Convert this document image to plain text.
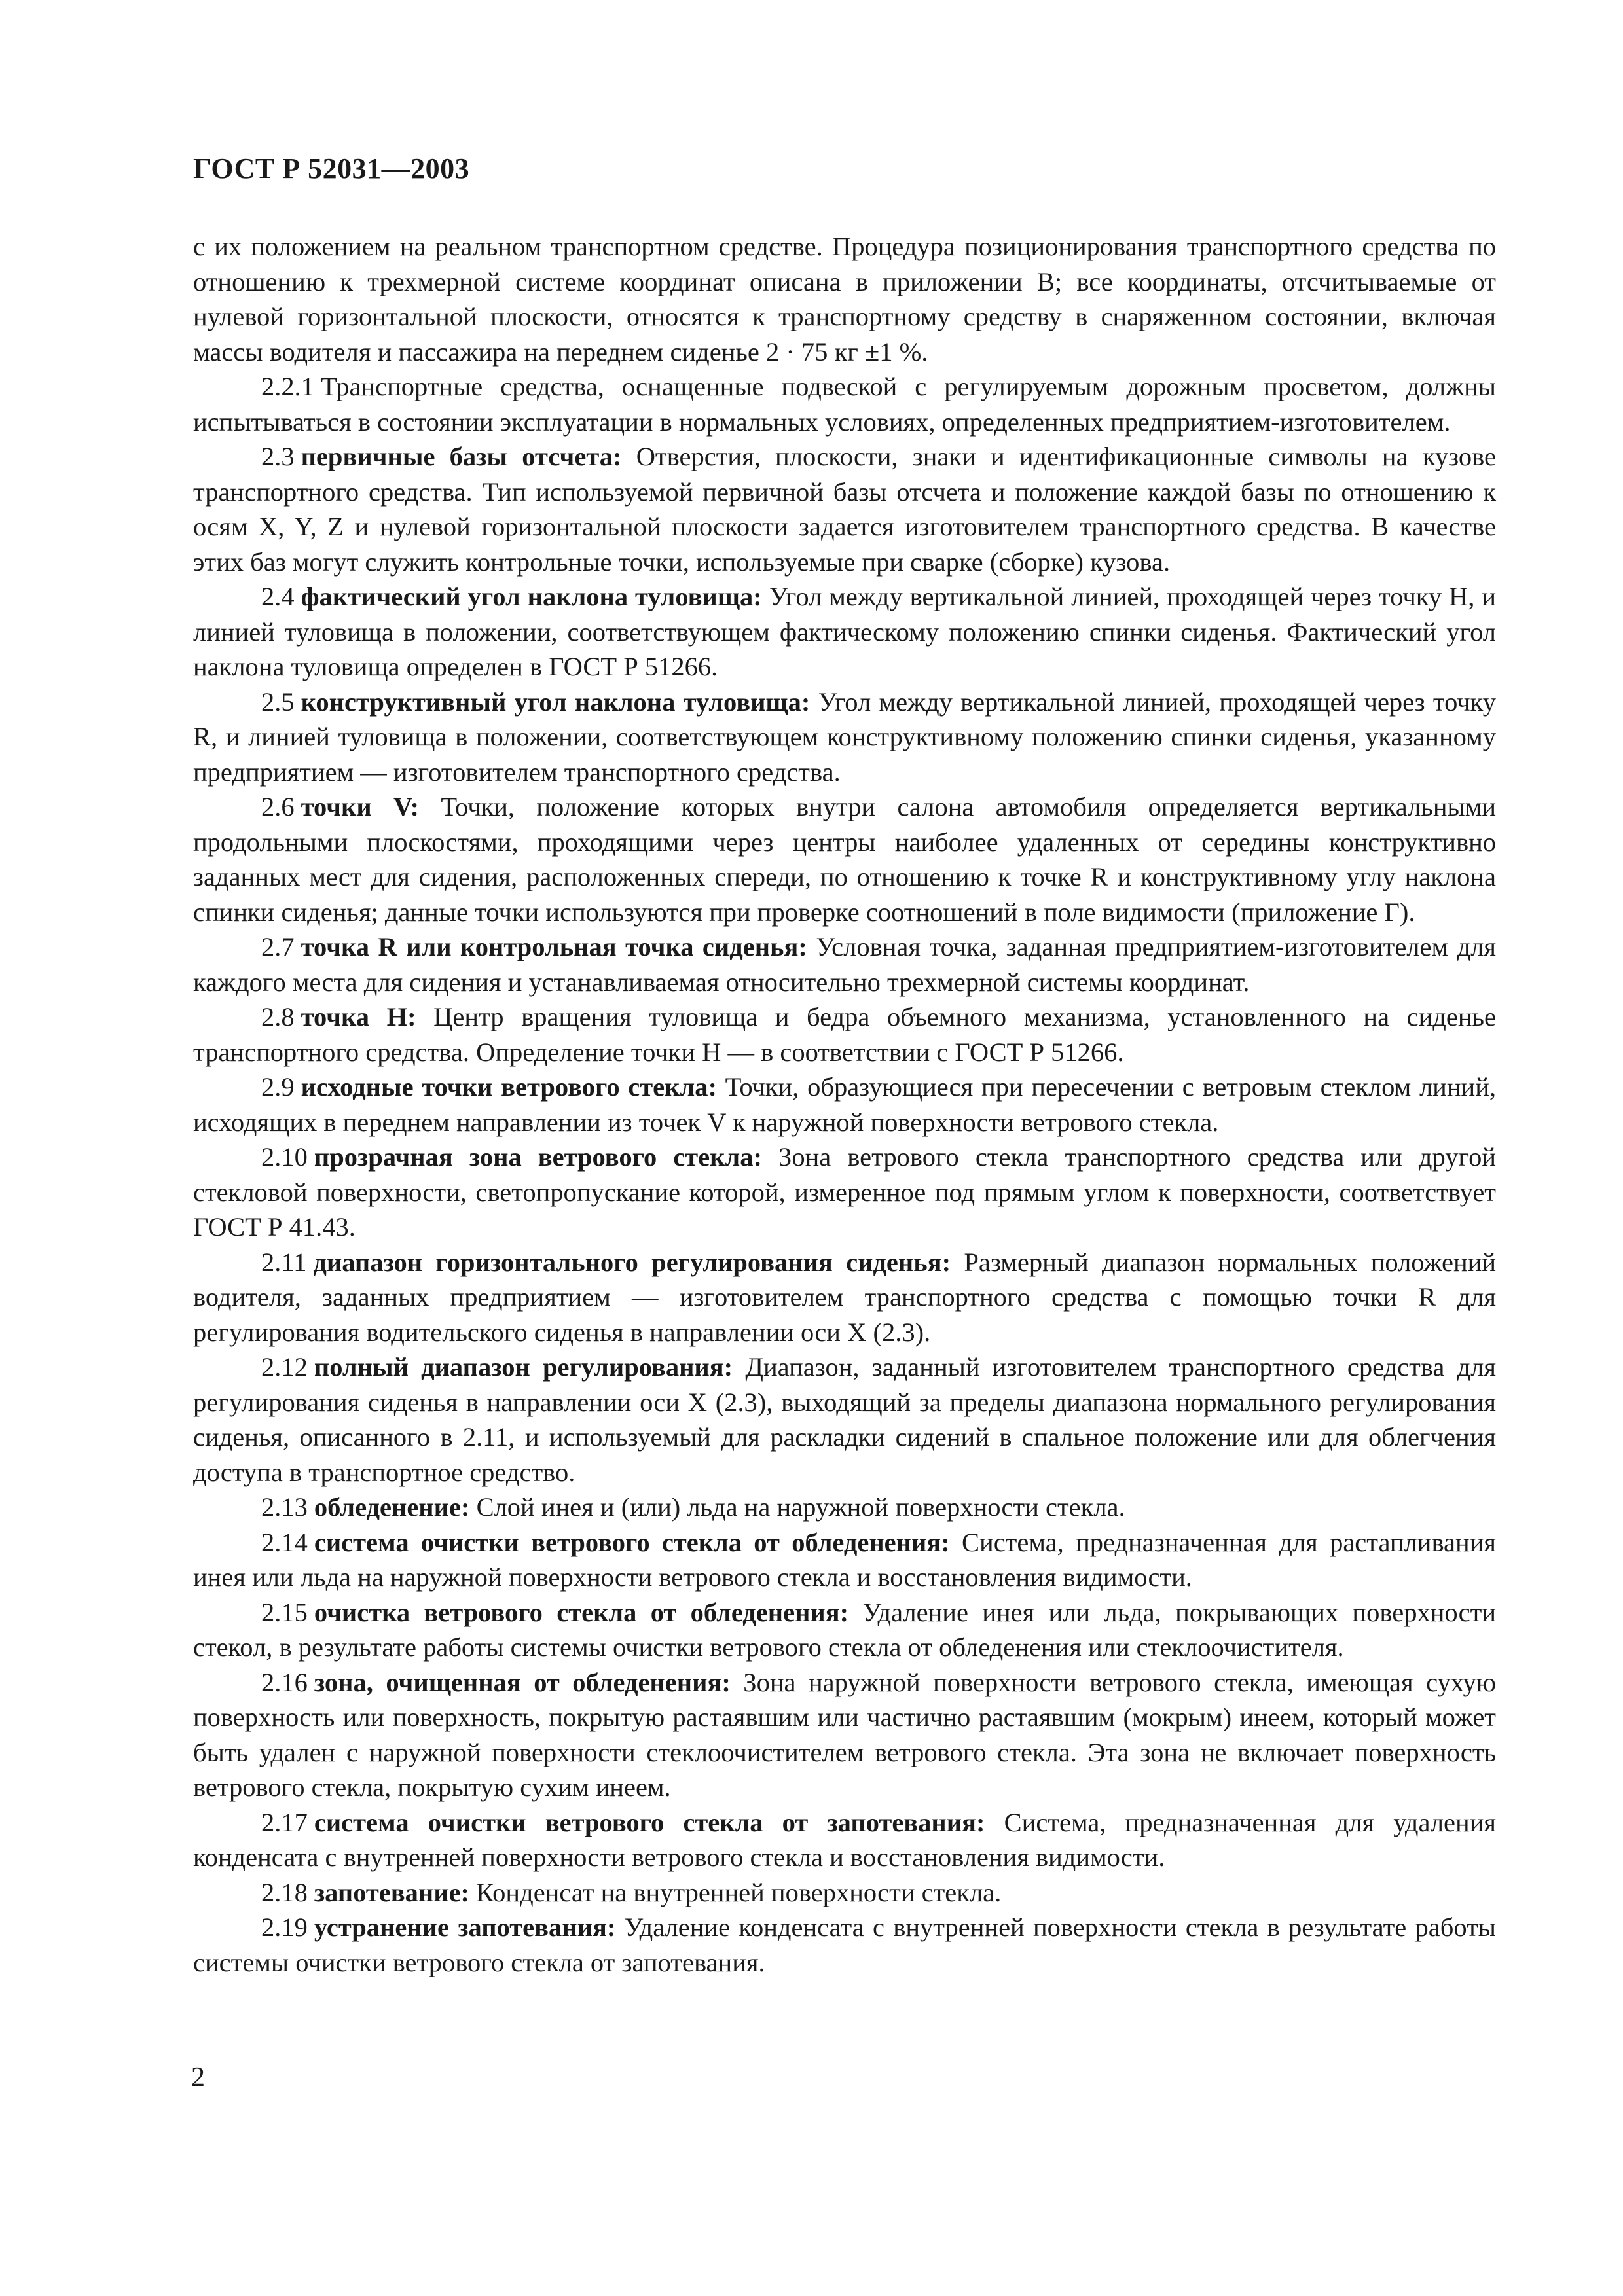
ГОСТ Р 52031—2003

с их положением на реальном транспортном средстве. Процедура позиционирования транспортного средства по отношению к трехмерной системе координат описана в приложении В; все координаты, отсчитываемые от нулевой горизонтальной плоскости, относятся к транспортному средству в снаряженном состоянии, включая массы водителя и пассажира на переднем сиденье 2 · 75 кг ±1 %.

2.2.1 Транспортные средства, оснащенные подвеской с регулируемым дорожным просветом, должны испытываться в состоянии эксплуатации в нормальных условиях, определенных предприятием-изготовителем.

2.3 первичные базы отсчета: Отверстия, плоскости, знаки и идентификационные символы на кузове транспортного средства. Тип используемой первичной базы отсчета и положение каждой базы по отношению к осям X, Y, Z и нулевой горизонтальной плоскости задается изготовителем транспортного средства. В качестве этих баз могут служить контрольные точки, используемые при сварке (сборке) кузова.

2.4 фактический угол наклона туловища: Угол между вертикальной линией, проходящей через точку Н, и линией туловища в положении, соответствующем фактическому положению спинки сиденья. Фактический угол наклона туловища определен в ГОСТ Р 51266.

2.5 конструктивный угол наклона туловища: Угол между вертикальной линией, проходящей через точку R, и линией туловища в положении, соответствующем конструктивному положению спинки сиденья, указанному предприятием — изготовителем транспортного средства.

2.6 точки V: Точки, положение которых внутри салона автомобиля определяется вертикальными продольными плоскостями, проходящими через центры наиболее удаленных от середины конструктивно заданных мест для сидения, расположенных спереди, по отношению к точке R и конструктивному углу наклона спинки сиденья; данные точки используются при проверке соотношений в поле видимости (приложение Г).

2.7 точка R или контрольная точка сиденья: Условная точка, заданная предприятием-изготовителем для каждого места для сидения и устанавливаемая относительно трехмерной системы координат.

2.8 точка Н: Центр вращения туловища и бедра объемного механизма, установленного на сиденье транспортного средства. Определение точки Н — в соответствии с ГОСТ Р 51266.

2.9 исходные точки ветрового стекла: Точки, образующиеся при пересечении с ветровым стеклом линий, исходящих в переднем направлении из точек V к наружной поверхности ветрового стекла.

2.10 прозрачная зона ветрового стекла: Зона ветрового стекла транспортного средства или другой стекловой поверхности, светопропускание которой, измеренное под прямым углом к поверхности, соответствует ГОСТ Р 41.43.

2.11 диапазон горизонтального регулирования сиденья: Размерный диапазон нормальных положений водителя, заданных предприятием — изготовителем транспортного средства с помощью точки R для регулирования водительского сиденья в направлении оси X (2.3).

2.12 полный диапазон регулирования: Диапазон, заданный изготовителем транспортного средства для регулирования сиденья в направлении оси X (2.3), выходящий за пределы диапазона нормального регулирования сиденья, описанного в 2.11, и используемый для раскладки сидений в спальное положение или для облегчения доступа в транспортное средство.

2.13 обледенение: Слой инея и (или) льда на наружной поверхности стекла.

2.14 система очистки ветрового стекла от обледенения: Система, предназначенная для растапливания инея или льда на наружной поверхности ветрового стекла и восстановления видимости.

2.15 очистка ветрового стекла от обледенения: Удаление инея или льда, покрывающих поверхности стекол, в результате работы системы очистки ветрового стекла от обледенения или стеклоочистителя.

2.16 зона, очищенная от обледенения: Зона наружной поверхности ветрового стекла, имеющая сухую поверхность или поверхность, покрытую растаявшим или частично растаявшим (мокрым) инеем, который может быть удален с наружной поверхности стеклоочистителем ветрового стекла. Эта зона не включает поверхность ветрового стекла, покрытую сухим инеем.

2.17 система очистки ветрового стекла от запотевания: Система, предназначенная для удаления конденсата с внутренней поверхности ветрового стекла и восстановления видимости.

2.18 запотевание: Конденсат на внутренней поверхности стекла.

2.19 устранение запотевания: Удаление конденсата с внутренней поверхности стекла в результате работы системы очистки ветрового стекла от запотевания.

2
